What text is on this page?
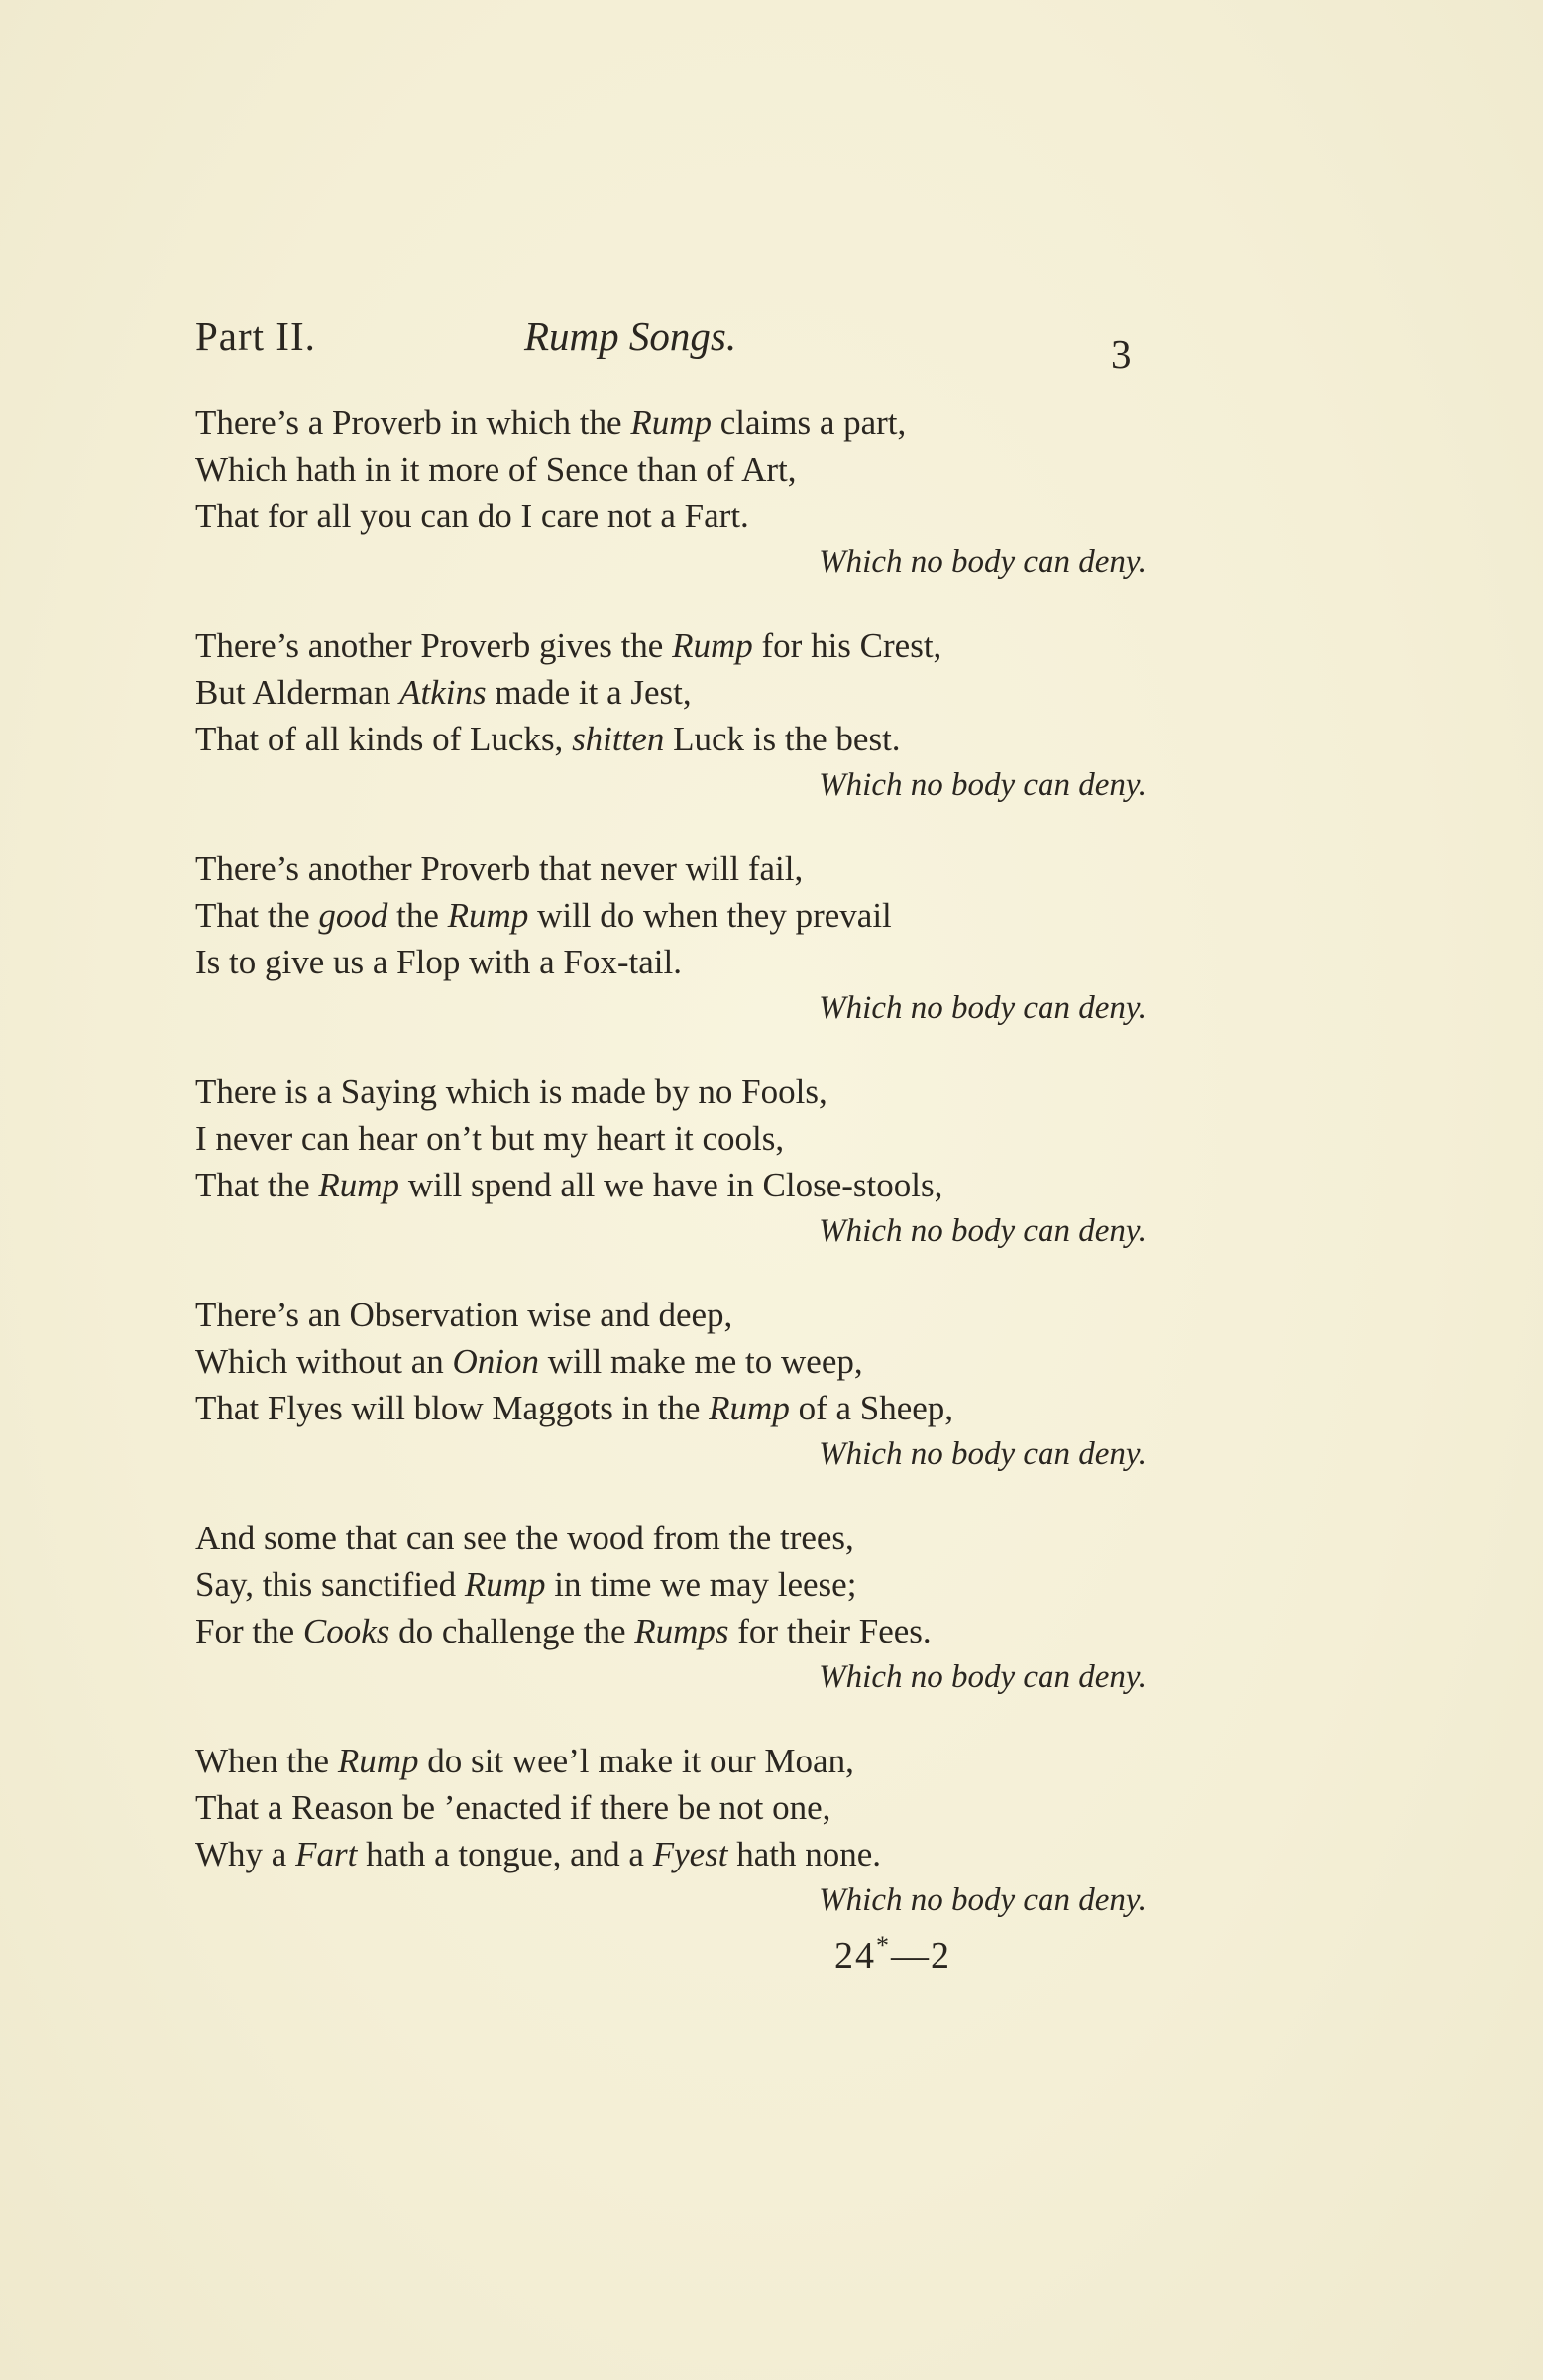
Part II.	Rump Songs.	3
There’s a Proverb in which the Rump claims a part,
Which hath in it more of Sence than of Art,
That for all you can do I care not a Fart.
Which no body can deny.
There’s another Proverb gives the Rump for his Crest,
But Alderman Atkins made it a Jest,
That of all kinds of Lucks, shitten Luck is the best.
Which no body can deny.
There’s another Proverb that never will fail,
That the good the Rump will do when they prevail
Is to give us a Flop with a Fox-tail.
Which no body can deny.
There is a Saying which is made by no Fools,
I never can hear on’t but my heart it cools,
That the Rump will spend all we have in Close-stools,
Which no body can deny.
There’s an Observation wise and deep,
Which without an Onion will make me to weep,
That Flyes will blow Maggots in the Rump of a Sheep,
Which no body can deny.
And some that can see the wood from the trees,
Say, this sanctified Rump in time we may leese;
For the Cooks do challenge the Rumps for their Fees.
Which no body can deny.
When the Rump do sit wee’l make it our Moan,
That a Reason be ’enacted if there be not one,
Why a Fart hath a tongue, and a Fyest hath none.
Which no body can deny.
24*—2
